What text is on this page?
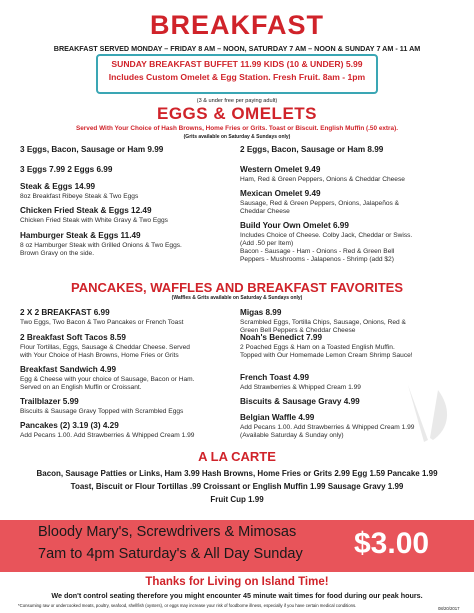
BREAKFAST
BREAKFAST SERVED MONDAY – FRIDAY 8 AM – NOON, SATURDAY 7 AM – NOON & SUNDAY 7 AM - 11 AM
SUNDAY BREAKFAST BUFFET 11.99 KIDS (10 & UNDER) 5.99
Includes Custom Omelet & Egg Station. Fresh Fruit. 8am - 1pm
(3 & under free per paying adult)
EGGS & OMELETS
Served With Your Choice of Hash Browns, Home Fries or Grits. Toast or Biscuit. English Muffin (.50 extra).
(Grits available on Saturday & Sundays only)
3 Eggs, Bacon, Sausage or Ham 9.99
3 Eggs 7.99 2 Eggs 6.99
Steak & Eggs 14.99
8oz Breakfast Ribeye Steak & Two Eggs
Chicken Fried Steak & Eggs 12.49
Chicken Fried Steak with White Gravy & Two Eggs
Hamburger Steak & Eggs 11.49
8 oz Hamburger Steak with Grilled Onions & Two Eggs.
Brown Gravy on the side.
2 Eggs, Bacon, Sausage or Ham 8.99
Western Omelet 9.49
Ham, Red & Green Peppers, Onions & Cheddar Cheese
Mexican Omelet 9.49
Sausage, Red & Green Peppers, Onions, Jalapeños &
Cheddar Cheese
Build Your Own Omelet 6.99
Includes Choice of Cheese. Colby Jack, Cheddar or Swiss.
(Add .50 per Item)
Bacon - Sausage - Ham - Onions - Red & Green Bell
Peppers - Mushrooms - Jalapenos - Shrimp (add $2)
PANCAKES, WAFFLES AND BREAKFAST FAVORITES
(Waffles & Grits available on Saturday & Sundays only)
2 X 2 BREAKFAST 6.99
Two Eggs, Two Bacon & Two Pancakes or French Toast
2 Breakfast Soft Tacos 8.59
Flour Tortillas, Eggs, Sausage & Cheddar Cheese. Served
with Your Choice of Hash Browns, Home Fries or Grits
Breakfast Sandwich 4.99
Egg & Cheese with your choice of Sausage, Bacon or Ham.
Served on an English Muffin or Croissant.
Trailblazer 5.99
Biscuits & Sausage Gravy Topped with Scrambled Eggs
Pancakes (2) 3.19 (3) 4.29
Add Pecans 1.00. Add Strawberries & Whipped Cream 1.99
Migas 8.99
Scrambled Eggs, Tortilla Chips, Sausage, Onions, Red &
Green Bell Peppers & Cheddar Cheese
Noah's Benedict 7.99
2 Poached Eggs & Ham on a Toasted English Muffin.
Topped with Our Homemade Lemon Cream Shrimp Sauce!
French Toast 4.99
Add Strawberries & Whipped Cream 1.99
Biscuits & Sausage Gravy 4.99
Belgian Waffle 4.99
Add Pecans 1.00. Add Strawberries & Whipped Cream 1.99
(Available Saturday & Sunday only)
A LA CARTE
Bacon, Sausage Patties or Links, Ham 3.99 Hash Browns, Home Fries or Grits 2.99 Egg 1.59 Pancake 1.99
Toast, Biscuit or Flour Tortillas .99 Croissant or English Muffin 1.99 Sausage Gravy 1.99
Fruit Cup 1.99
Bloody Mary's, Screwdrivers & Mimosas
7am to 4pm Saturday's & All Day Sunday $3.00
Thanks for Living on Island Time!
We don't control seating therefore you might encounter 45 minute wait times for food during our peak hours.
*Consuming raw or undercooked meats, poultry, seafood, shellfish (oysters), or eggs may increase your risk of foodborne illness, especially if you have certain medical conditions.
08/20/2017
